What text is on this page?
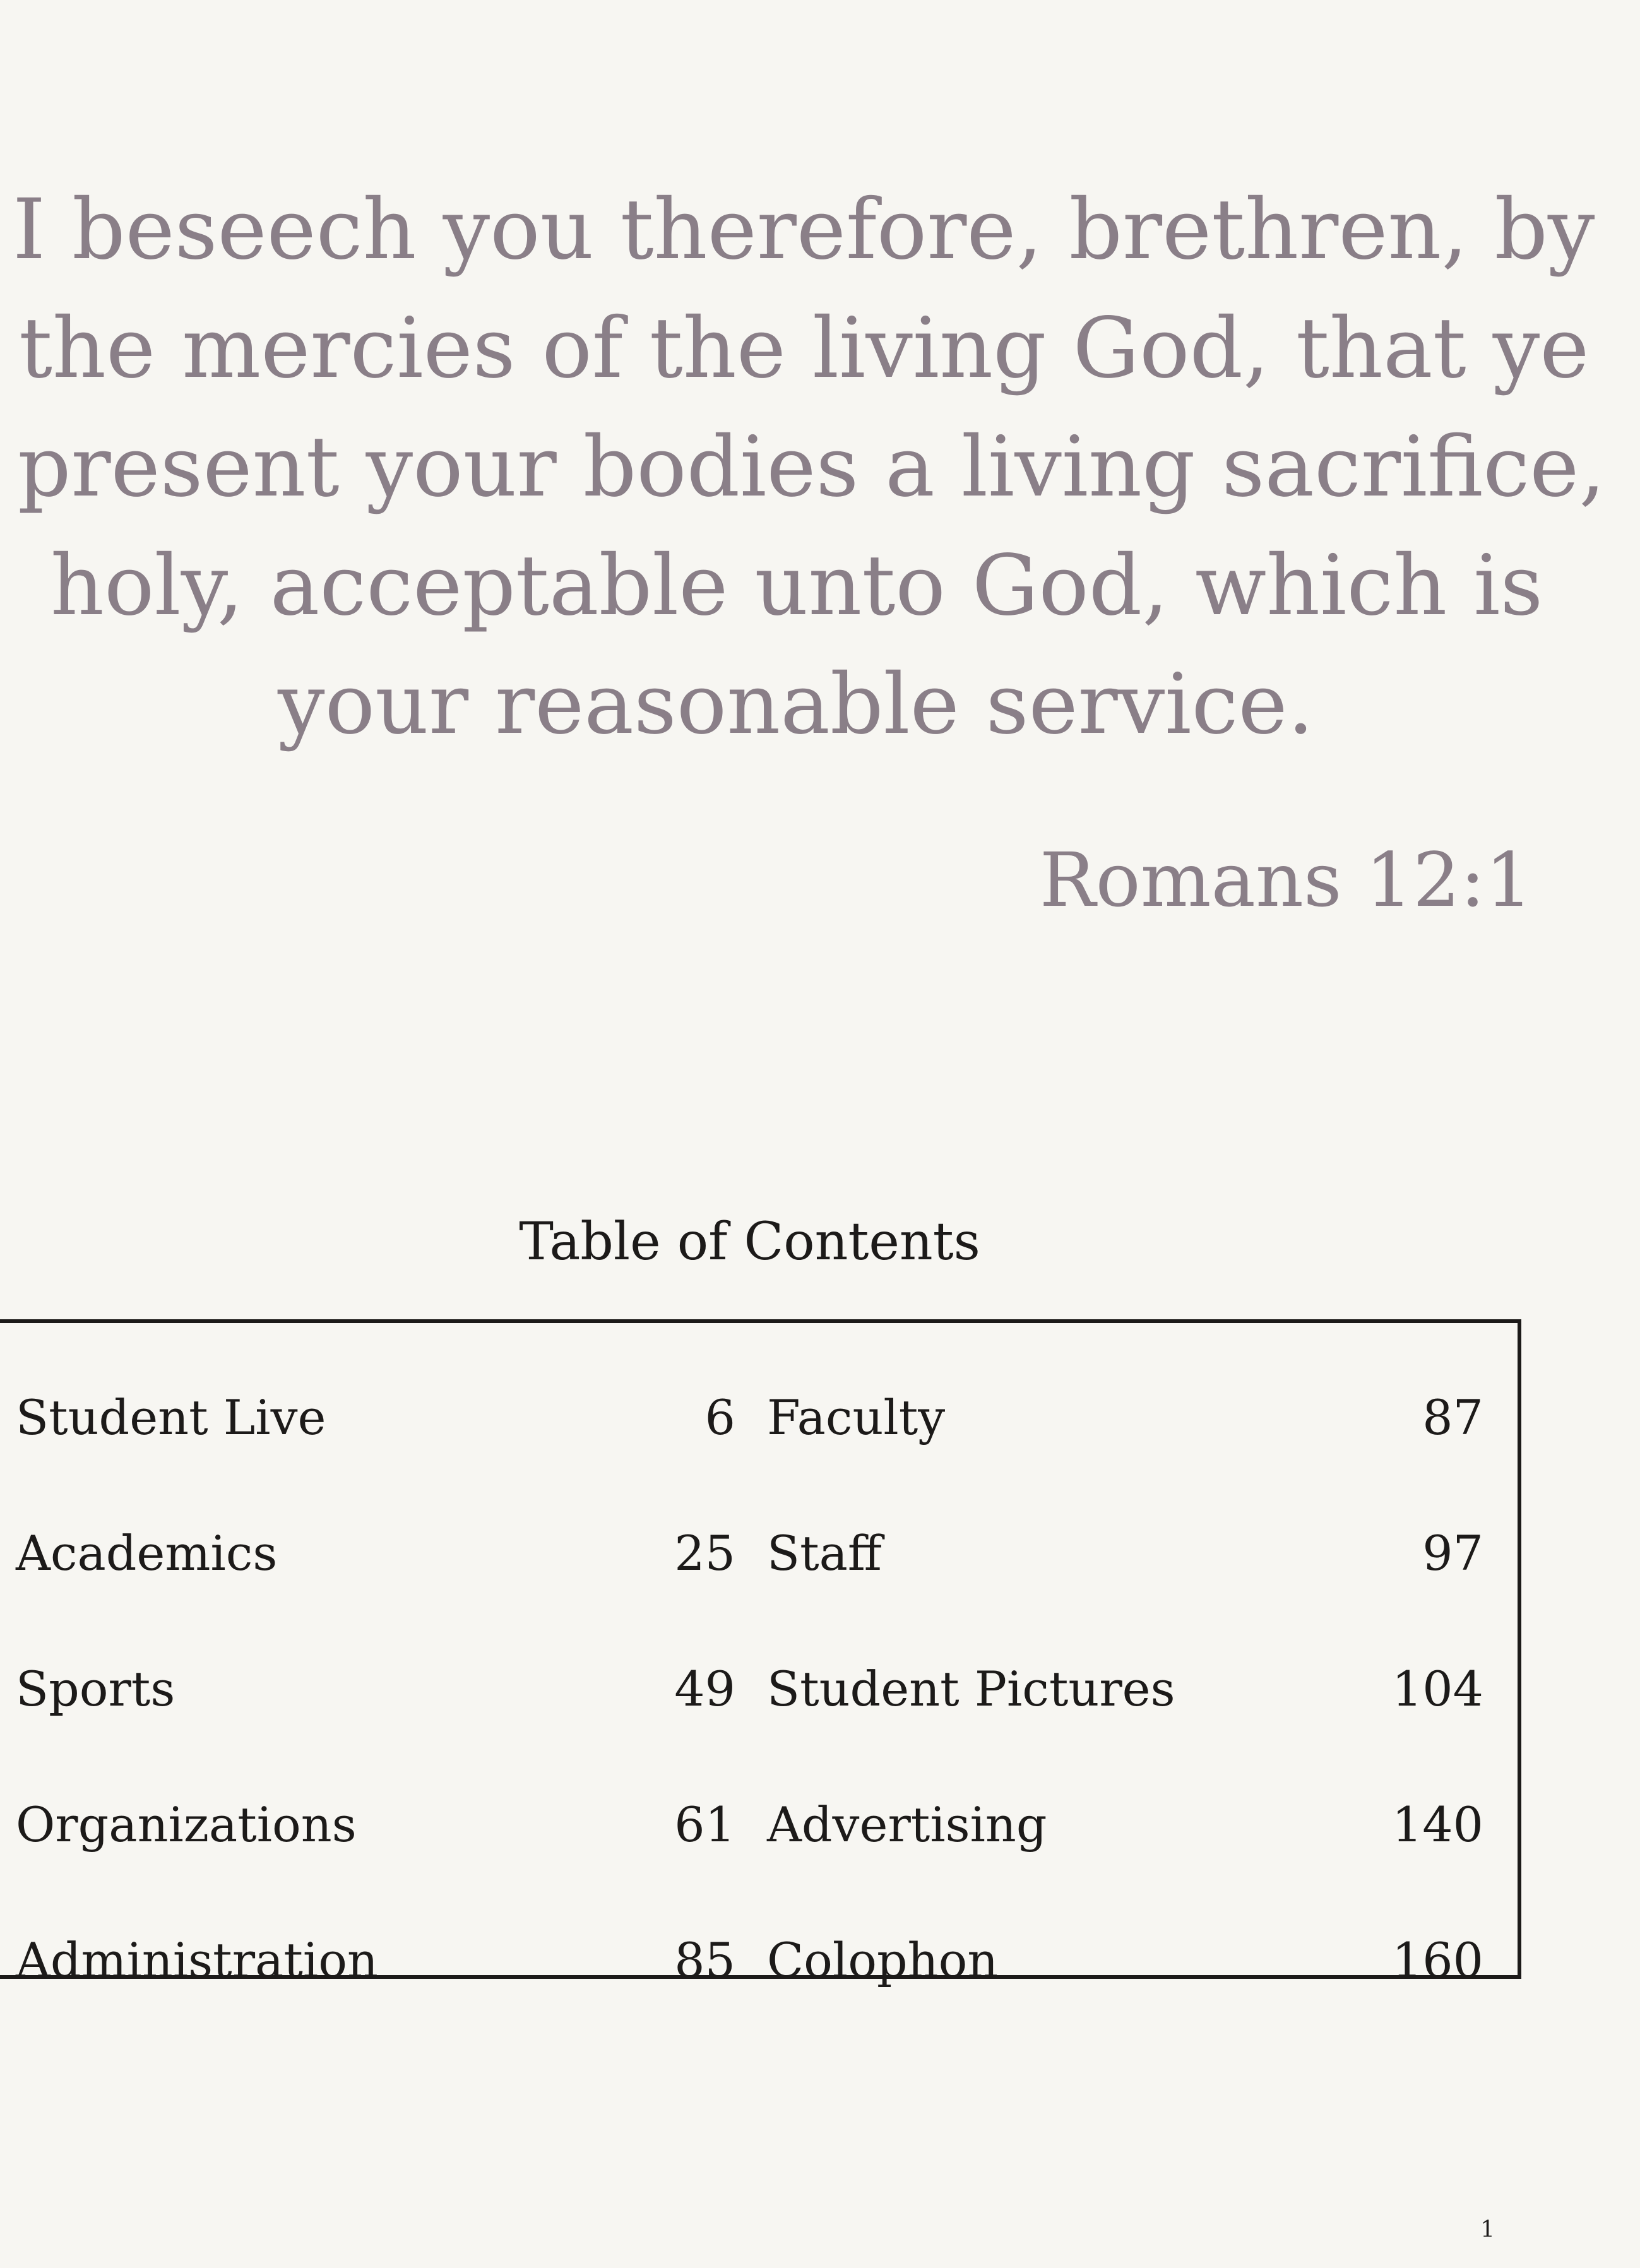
I beseech you therefore, brethren, by
the mercies of the living God, that ye
present your bodies a living sacrifice,
holy, acceptable unto God, which is
your reasonable service.
Romans 12:1
Table of Contents
Student Live	6 Faculty	87
Academics	25 Staff	97
Sports	49 Student Pictures	104
Organizations	61 Advertising	140
Administration	85 Colophon	160
1
